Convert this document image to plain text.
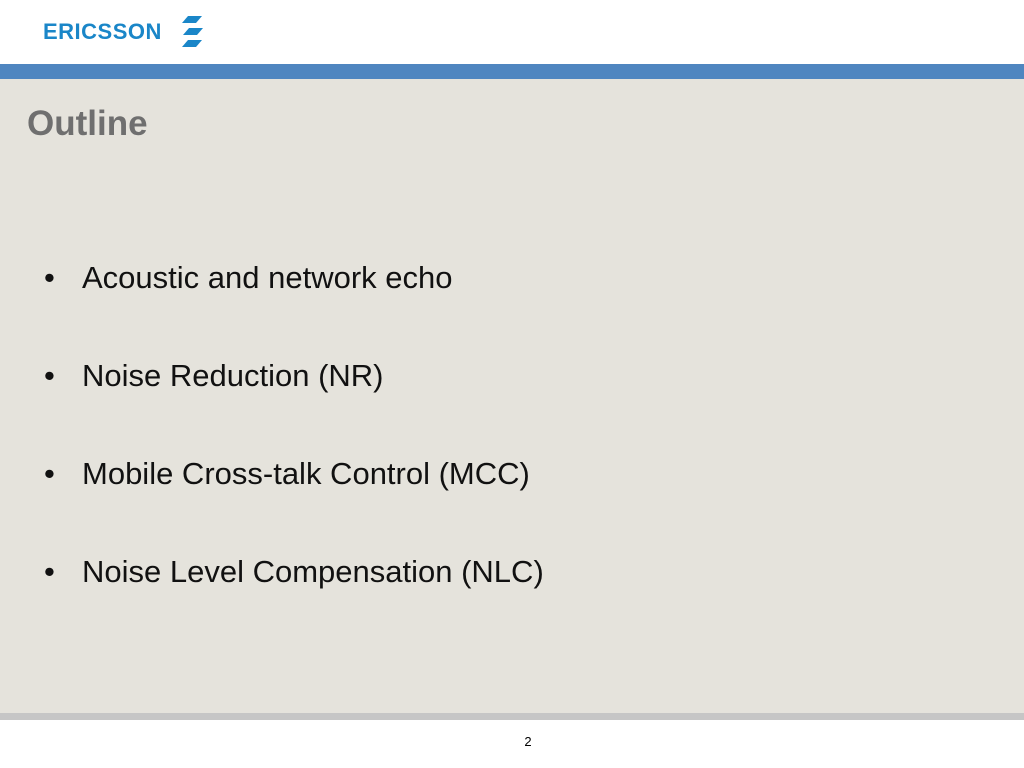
ERICSSON
Outline
• Acoustic and network echo
• Noise Reduction (NR)
• Mobile Cross-talk Control (MCC)
• Noise Level Compensation (NLC)
2
